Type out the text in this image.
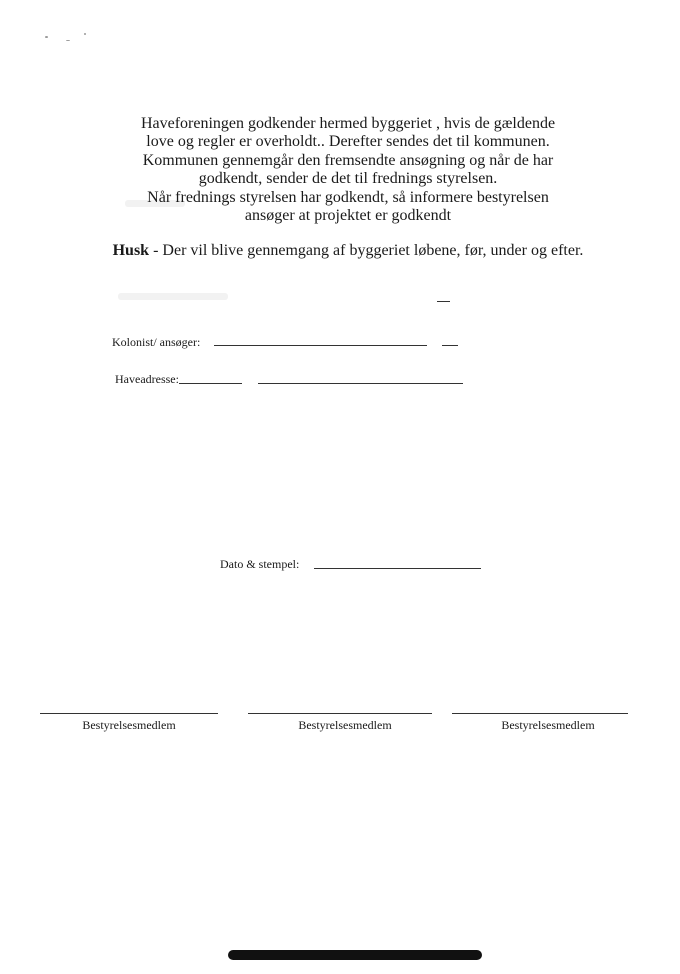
Haveforeningen godkender hermed byggeriet , hvis de gældende
love og regler er overholdt.. Derefter sendes det til kommunen.
Kommunen gennemgår den fremsendte ansøgning og når de har
godkendt, sender de det til frednings styrelsen.
Når frednings styrelsen har godkendt, så informere bestyrelsen
ansøger at projektet er godkendt
Husk - Der vil blive gennemgang af byggeriet løbene, før, under og efter.
Kolonist/ ansøger:
Haveadresse:
Dato & stempel:
Bestyrelsesmedlem	Bestyrelsesmedlem	Bestyrelsesmedlem
